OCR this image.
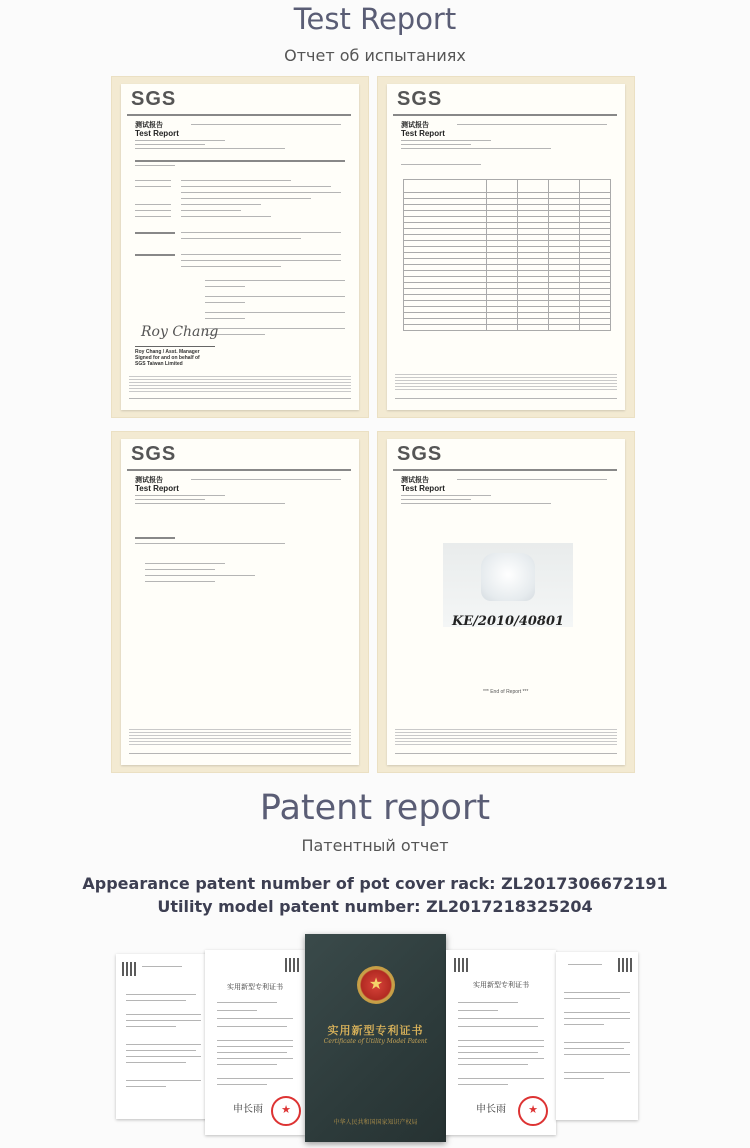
Test Report
Отчет об испытаниях
SGS
测试报告
Test Report
Roy Chang
Roy Chang / Asst. Manager
Signed for and on behalf of
SGS Taiwan Limited
SGS
测试报告
Test Report

SGS
测试报告
Test Report
SGS
测试报告
Test Report
KE/2010/40801
*** End of Report ***
Patent report
Патентный отчет
Appearance patent number of pot cover rack: ZL2017306672191
Utility model patent number: ZL2017218325204
实用新型专利证书
申长雨	★
★
实用新型专利证书
Certificate of Utility Model Patent
中华人民共和国国家知识产权局
实用新型专利证书
申长雨	★
